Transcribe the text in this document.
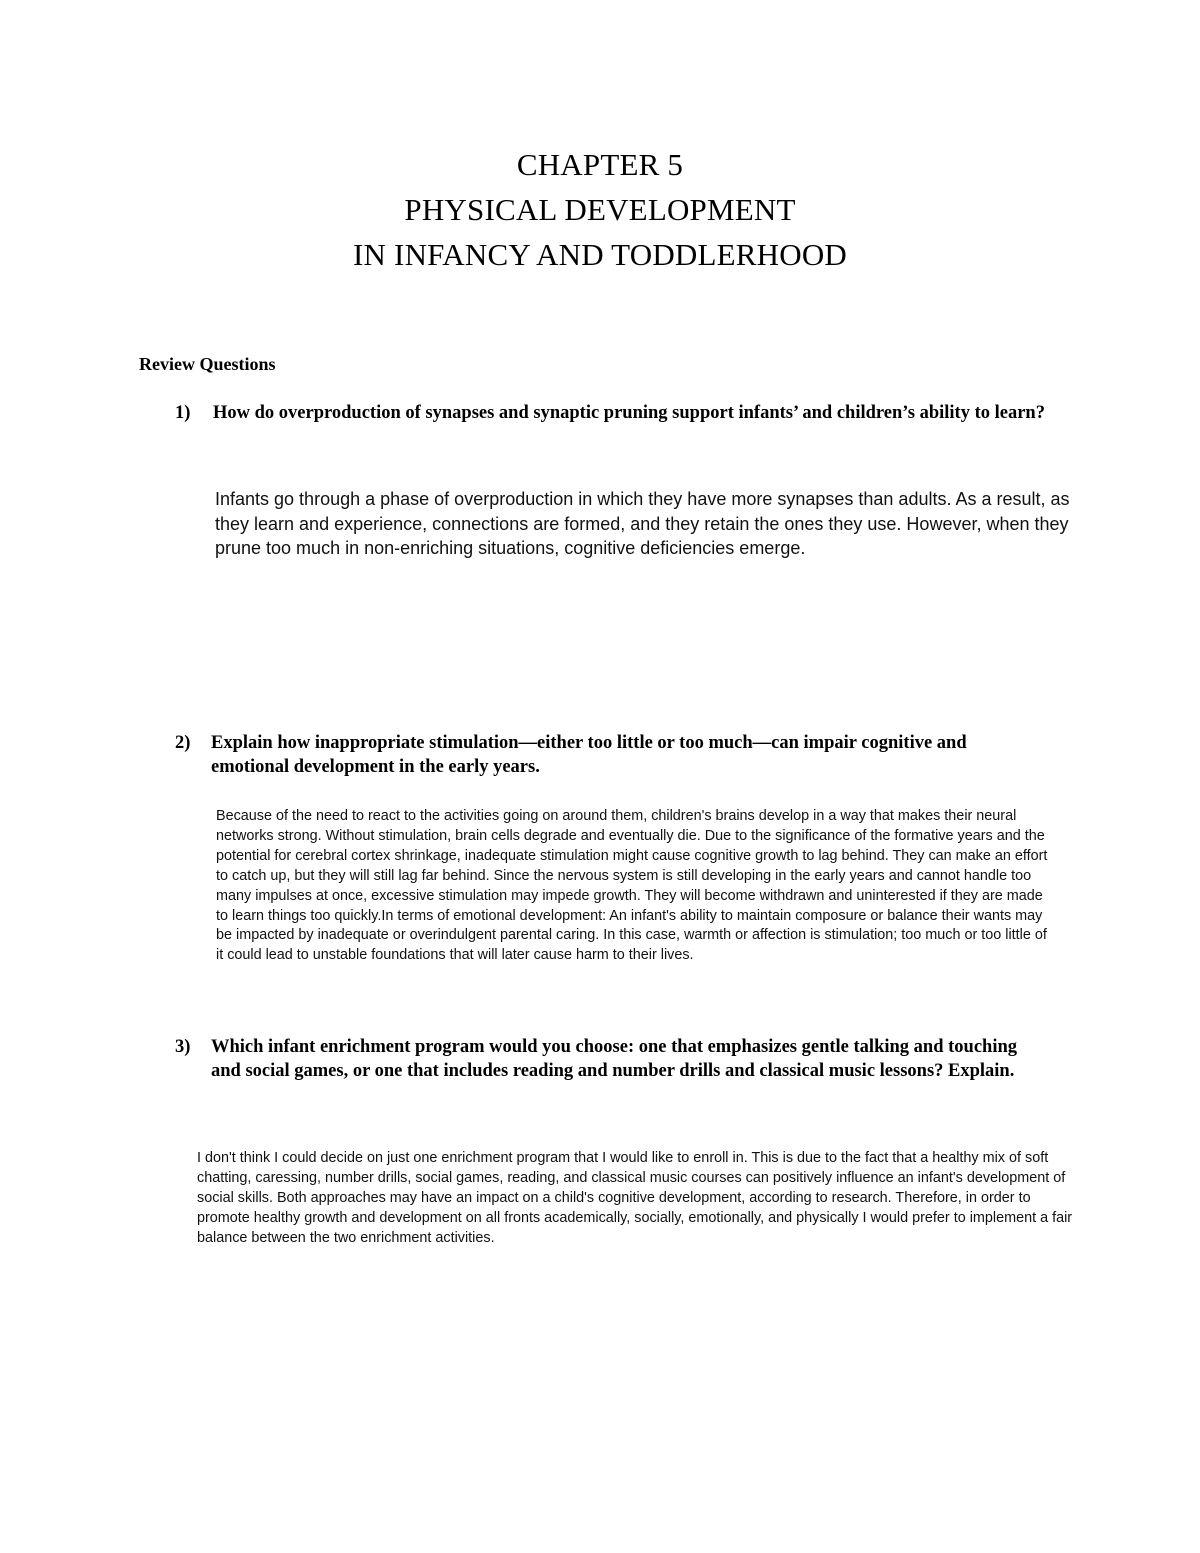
CHAPTER 5
PHYSICAL DEVELOPMENT
IN INFANCY AND TODDLERHOOD
Review Questions
1) How do overproduction of synapses and synaptic pruning support infants’ and children’s ability to learn?
Infants go through a phase of overproduction in which they have more synapses than adults. As a result, as they learn and experience, connections are formed, and they retain the ones they use. However, when they prune too much in non-enriching situations, cognitive deficiencies emerge.
2) Explain how inappropriate stimulation—either too little or too much—can impair cognitive and emotional development in the early years.
Because of the need to react to the activities going on around them, children's brains develop in a way that makes their neural networks strong. Without stimulation, brain cells degrade and eventually die. Due to the significance of the formative years and the potential for cerebral cortex shrinkage, inadequate stimulation might cause cognitive growth to lag behind. They can make an effort to catch up, but they will still lag far behind. Since the nervous system is still developing in the early years and cannot handle too many impulses at once, excessive stimulation may impede growth. They will become withdrawn and uninterested if they are made to learn things too quickly.In terms of emotional development: An infant's ability to maintain composure or balance their wants may be impacted by inadequate or overindulgent parental caring. In this case, warmth or affection is stimulation; too much or too little of it could lead to unstable foundations that will later cause harm to their lives.
3) Which infant enrichment program would you choose: one that emphasizes gentle talking and touching and social games, or one that includes reading and number drills and classical music lessons? Explain.
I don't think I could decide on just one enrichment program that I would like to enroll in. This is due to the fact that a healthy mix of soft chatting, caressing, number drills, social games, reading, and classical music courses can positively influence an infant's development of social skills. Both approaches may have an impact on a child's cognitive development, according to research. Therefore, in order to promote healthy growth and development on all fronts academically, socially, emotionally, and physically I would prefer to implement a fair balance between the two enrichment activities.
